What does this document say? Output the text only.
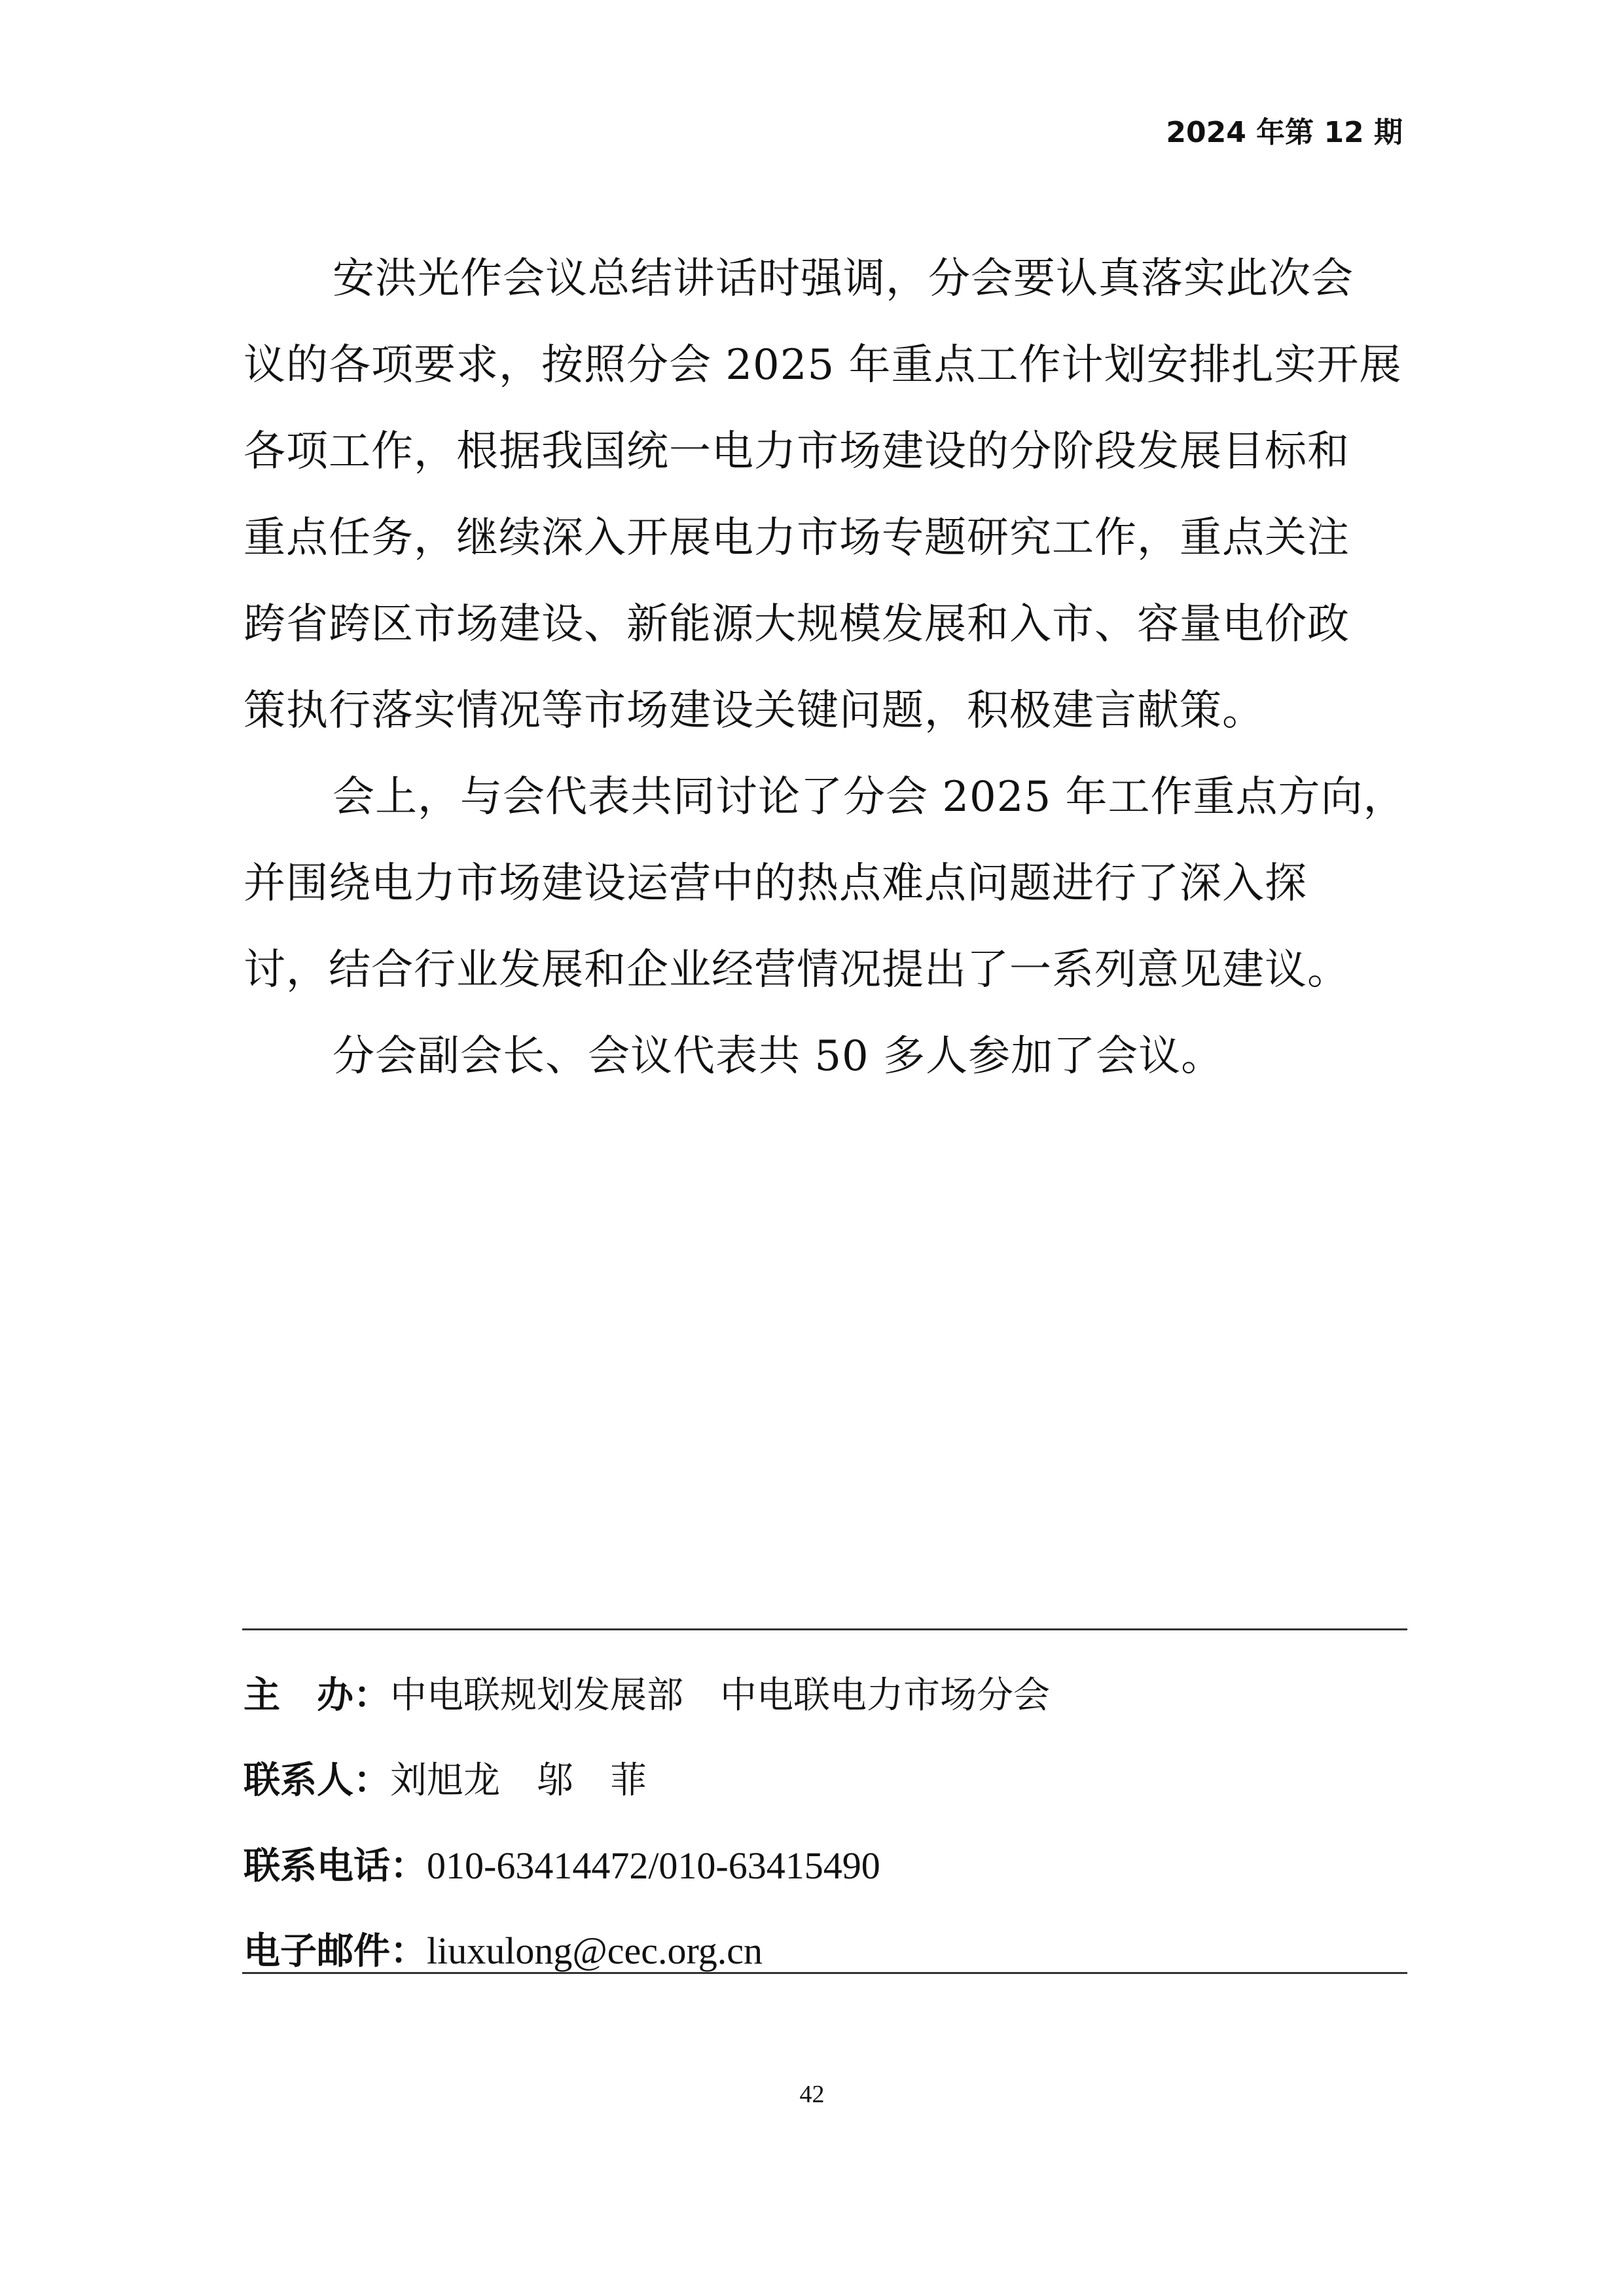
2024 年第 12 期
安洪光作会议总结讲话时强调，分会要认真落实此次会
议的各项要求，按照分会 2025 年重点工作计划安排扎实开展
各项工作，根据我国统一电力市场建设的分阶段发展目标和
重点任务，继续深入开展电力市场专题研究工作，重点关注
跨省跨区市场建设、新能源大规模发展和入市、容量电价政
策执行落实情况等市场建设关键问题，积极建言献策。
会上，与会代表共同讨论了分会 2025 年工作重点方向，
并围绕电力市场建设运营中的热点难点问题进行了深入探
讨，结合行业发展和企业经营情况提出了一系列意见建议。
分会副会长、会议代表共 50 多人参加了会议。
主　办：中电联规划发展部　中电联电力市场分会
联系人：刘旭龙　邬　菲
联系电话：010-63414472/010-63415490
电子邮件：liuxulong@cec.org.cn
42
